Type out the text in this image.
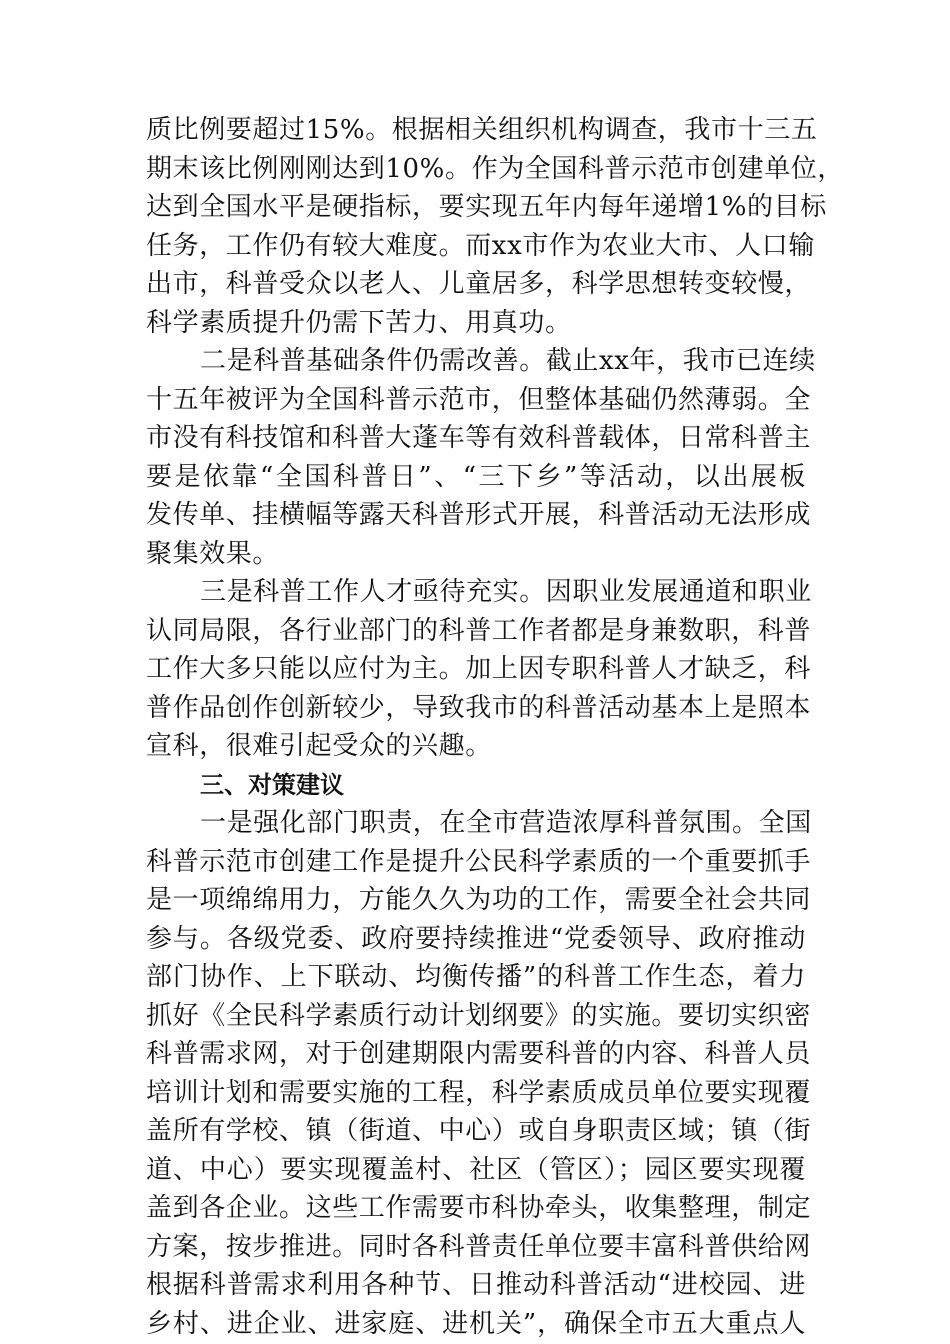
质比例要超过15%。根据相关组织机构调查，我市十三五
期末该比例刚刚达到10%。作为全国科普示范市创建单位，
达到全国水平是硬指标，要实现五年内每年递增1%的目标
任务，工作仍有较大难度。而xx市作为农业大市、人口输
出市，科普受众以老人、儿童居多，科学思想转变较慢，
科学素质提升仍需下苦力、用真功。
二是科普基础条件仍需改善。截止xx年，我市已连续
十五年被评为全国科普示范市，但整体基础仍然薄弱。全
市没有科技馆和科普大蓬车等有效科普载体，日常科普主
要是依靠“全国科普日”、“三下乡”等活动，以出展板
发传单、挂横幅等露天科普形式开展，科普活动无法形成
聚集效果。
三是科普工作人才亟待充实。因职业发展通道和职业
认同局限，各行业部门的科普工作者都是身兼数职，科普
工作大多只能以应付为主。加上因专职科普人才缺乏，科
普作品创作创新较少，导致我市的科普活动基本上是照本
宣科，很难引起受众的兴趣。
三、对策建议
一是强化部门职责，在全市营造浓厚科普氛围。全国
科普示范市创建工作是提升公民科学素质的一个重要抓手
是一项绵绵用力，方能久久为功的工作，需要全社会共同
参与。各级党委、政府要持续推进“党委领导、政府推动
部门协作、上下联动、均衡传播”的科普工作生态，着力
抓好《全民科学素质行动计划纲要》的实施。要切实织密
科普需求网，对于创建期限内需要科普的内容、科普人员
培训计划和需要实施的工程，科学素质成员单位要实现覆
盖所有学校、镇（街道、中心）或自身职责区域；镇（街
道、中心）要实现覆盖村、社区（管区）；园区要实现覆
盖到各企业。这些工作需要市科协牵头，收集整理，制定
方案，按步推进。同时各科普责任单位要丰富科普供给网
根据科普需求利用各种节、日推动科普活动“进校园、进
乡村、进企业、进家庭、进机关”，确保全市五大重点人
